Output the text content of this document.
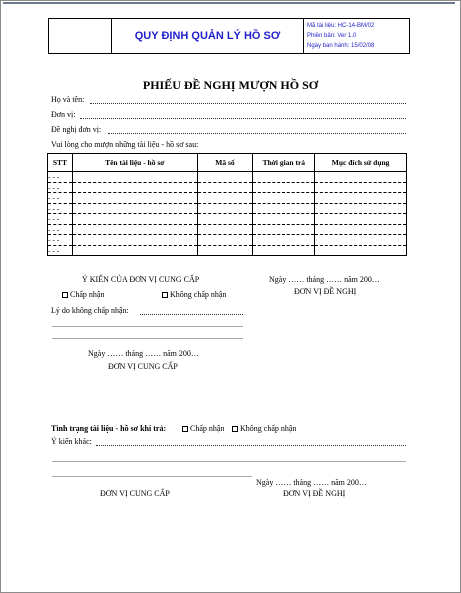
QUY ĐỊNH QUẢN LÝ HỒ SƠ
Mã tài liệu: HC-14-BM/02
Phiên bản: Ver 1.0
Ngày ban hành: 15/02/08
PHIẾU ĐỀ NGHỊ MƯỢN HỒ SƠ
Họ và tên:
Đơn vị:
Đề nghị đơn vị:
Vui lòng cho mượn những tài liệu - hồ sơ sau:
STT	Tên tài liệu - hồ sơ	Mã số	Thời gian trả	Mục đích sử dụng
- - -				
- - -				
- - -				
- - -				
- - -				
- - -				
- - -				
- - -				
Ý KIẾN CỦA ĐƠN VỊ CUNG CẤP
Chấp nhận	Không chấp nhận
Lý do không chấp nhận:
Ngày …… tháng …… năm 200…
ĐƠN VỊ CUNG CẤP
Ngày …… tháng …… năm 200…
ĐƠN VỊ ĐỀ NGHỊ
Tình trạng tài liệu - hồ sơ khi trả:	Chấp nhận	Không chấp nhận
Ý kiến khác:
Ngày …… tháng …… năm 200…
ĐƠN VỊ CUNG CẤP	ĐƠN VỊ ĐỀ NGHỊ
